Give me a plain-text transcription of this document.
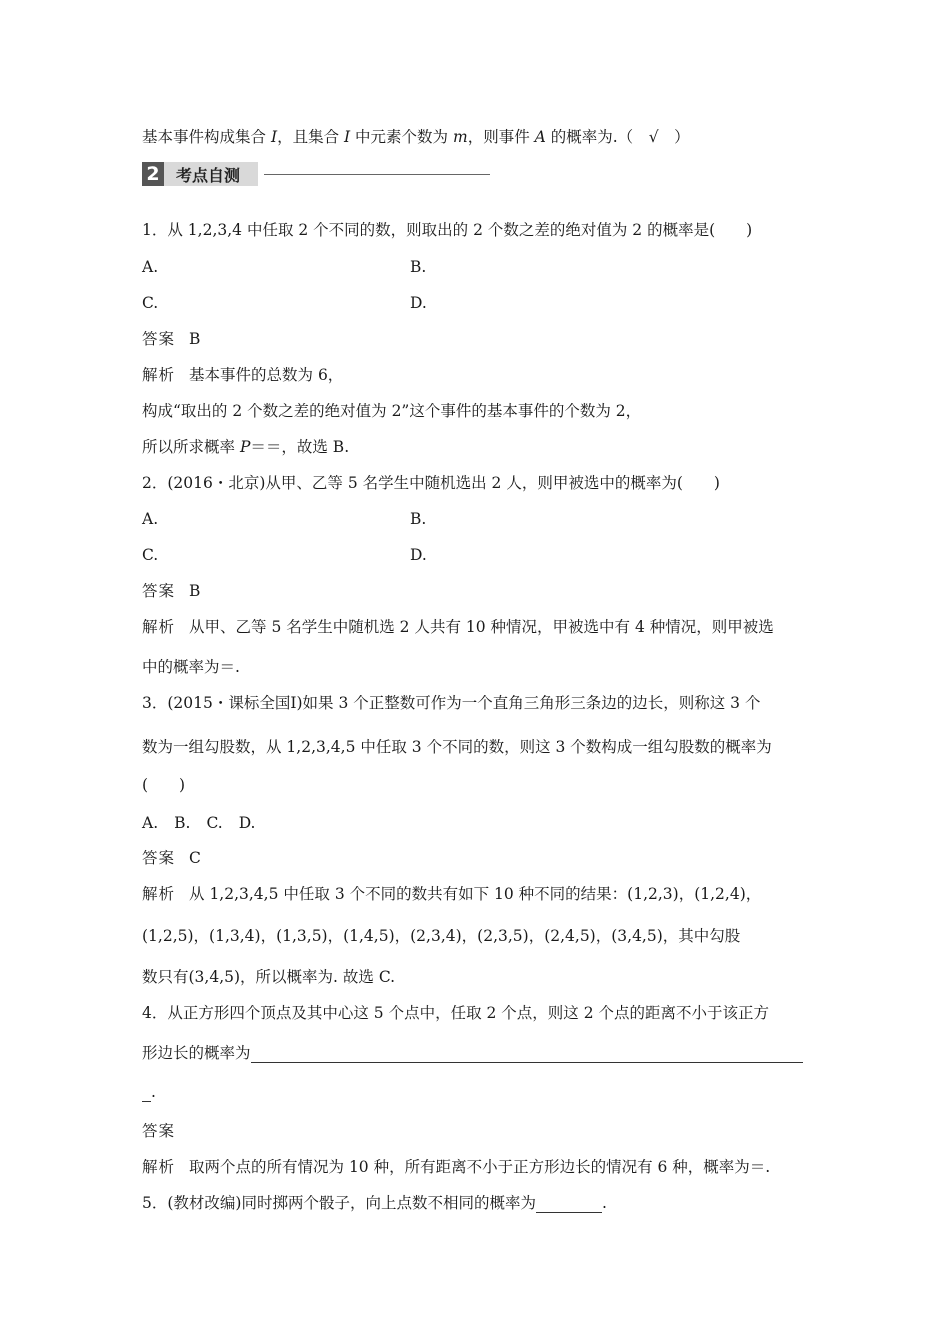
基本事件构成集合 I，且集合 I 中元素个数为 m，则事件 A 的概率为.（　√　）
2	考点自测
1．从 1,2,3,4 中任取 2 个不同的数，则取出的 2 个数之差的绝对值为 2 的概率是(　　)
A.	B.
C.	D.
答案 B
解析 基本事件的总数为 6，
构成“取出的 2 个数之差的绝对值为 2”这个事件的基本事件的个数为 2，
所以所求概率 P＝＝，故选 B.
2．(2016・北京)从甲、乙等 5 名学生中随机选出 2 人，则甲被选中的概率为(　　)
A.	B.
C.	D.
答案 B
解析 从甲、乙等 5 名学生中随机选 2 人共有 10 种情况，甲被选中有 4 种情况，则甲被选
中的概率为＝.
3．(2015・课标全国Ⅰ)如果 3 个正整数可作为一个直角三角形三条边的边长，则称这 3 个
数为一组勾股数，从 1,2,3,4,5 中任取 3 个不同的数，则这 3 个数构成一组勾股数的概率为
(　　)
A. B. C. D.
答案 C
解析 从 1,2,3,4,5 中任取 3 个不同的数共有如下 10 种不同的结果：(1,2,3)，(1,2,4)，
(1,2,5)，(1,3,4)，(1,3,5)，(1,4,5)，(2,3,4)，(2,3,5)，(2,4,5)，(3,4,5)，其中勾股
数只有(3,4,5)，所以概率为. 故选 C.
4．从正方形四个顶点及其中心这 5 个点中，任取 2 个点，则这 2 个点的距离不小于该正方
形边长的概率为
.
答案
解析 取两个点的所有情况为 10 种，所有距离不小于正方形边长的情况有 6 种，概率为＝.
5．(教材改编)同时掷两个骰子，向上点数不相同的概率为	.
